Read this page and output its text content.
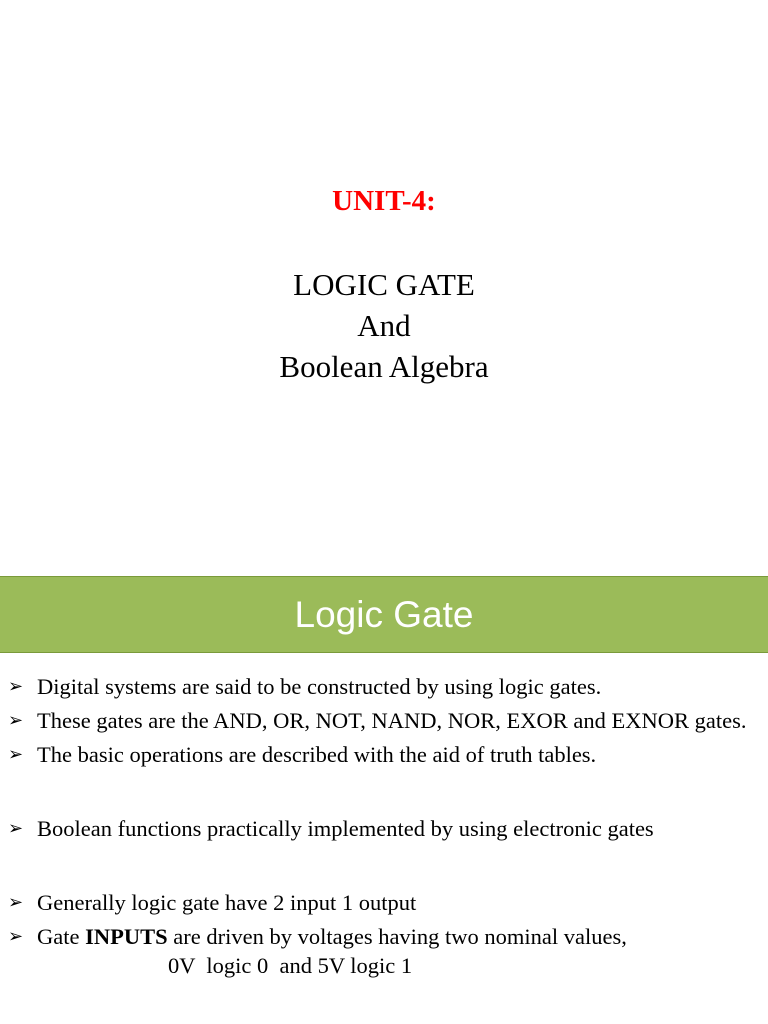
UNIT-4:
LOGIC GATE
And
Boolean Algebra
Logic Gate
➢ Digital systems are said to be constructed by using logic gates.
➢ These gates are the AND, OR, NOT, NAND, NOR, EXOR and EXNOR gates.
➢ The basic operations are described with the aid of truth tables.
➢ Boolean functions practically implemented by using electronic gates
➢ Generally logic gate have 2 input 1 output
➢ Gate INPUTS are driven by voltages having two nominal values,
0V  logic 0  and 5V logic 1
